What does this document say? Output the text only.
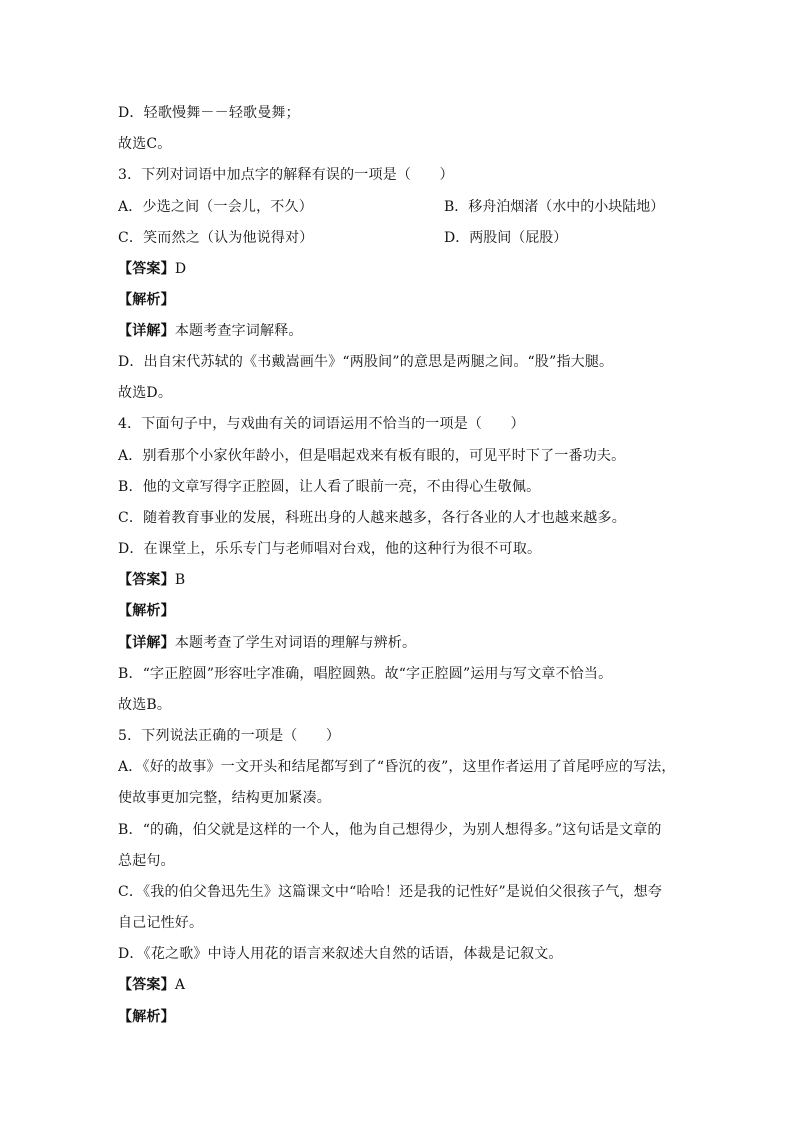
D．轻歌慢舞－－轻歌曼舞；
故选C。
3．下列对词语中加点字的解释有误的一项是（　　）
A．少选之间（一会儿，不久）	B．移舟泊烟渚（水中的小块陆地）
C．笑而然之（认为他说得对）	D．两股间（屁股）
【答案】D
【解析】
【详解】本题考查字词解释。
D．出自宋代苏轼的《书戴嵩画牛》“两股间”的意思是两腿之间。“股”指大腿。
故选D。
4．下面句子中，与戏曲有关的词语运用不恰当的一项是（　　）
A．别看那个小家伙年龄小，但是唱起戏来有板有眼的，可见平时下了一番功夫。
B．他的文章写得字正腔圆，让人看了眼前一亮，不由得心生敬佩。
C．随着教育事业的发展，科班出身的人越来越多，各行各业的人才也越来越多。
D．在课堂上，乐乐专门与老师唱对台戏，他的这种行为很不可取。
【答案】B
【解析】
【详解】本题考查了学生对词语的理解与辨析。
B．“字正腔圆”形容吐字准确，唱腔圆熟。故“字正腔圆”运用与写文章不恰当。
故选B。
5．下列说法正确的一项是（　　）
A．《好的故事》一文开头和结尾都写到了“昏沉的夜”，这里作者运用了首尾呼应的写法，
使故事更加完整，结构更加紧凑。
B．“的确，伯父就是这样的一个人，他为自己想得少，为别人想得多。”这句话是文章的
总起句。
C．《我的伯父鲁迅先生》这篇课文中“哈哈！还是我的记性好”是说伯父很孩子气，想夸
自己记性好。
D．《花之歌》中诗人用花的语言来叙述大自然的话语，体裁是记叙文。
【答案】A
【解析】
